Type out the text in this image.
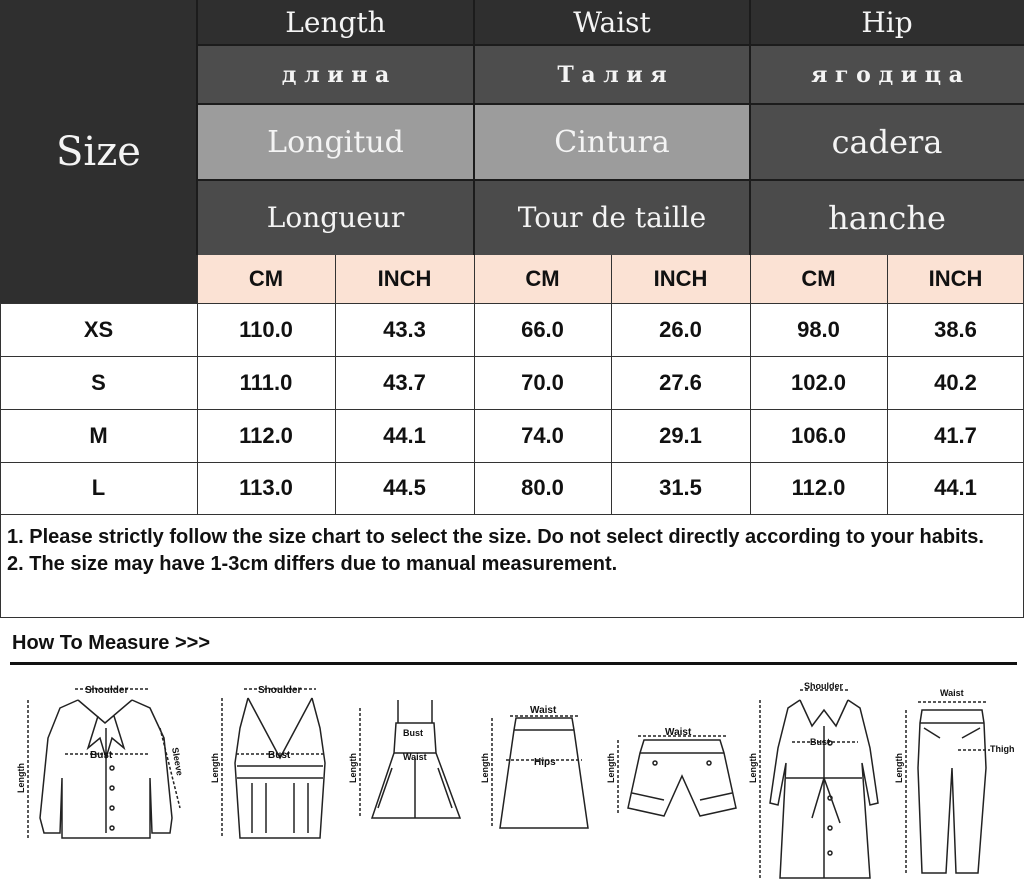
Size
Length	Waist	Hip
д л и н а	Т а л и я	я г о д и ц а
Longitud	Cintura	cadera
Longueur	Tour de taille	hanche
CM	INCH	CM	INCH	CM	INCH
XS	110.0	43.3	66.0	26.0	98.0	38.6
S	111.0	43.7	70.0	27.6	102.0	40.2
M	112.0	44.1	74.0	29.1	106.0	41.7
L	113.0	44.5	80.0	31.5	112.0	44.1
1. Please strictly follow the size chart to select the size. Do not select directly according to your habits.
2. The size may have 1-3cm differs due to manual measurement.
How To Measure >>>
Shoulder
Bust	Sleeve
Length
Shoulder
Bust
Length
Bust
Waist
Length
Waist
Hips
Length
Waist
Length
Shoulder
Bust
Length
Waist
Thigh
Length
